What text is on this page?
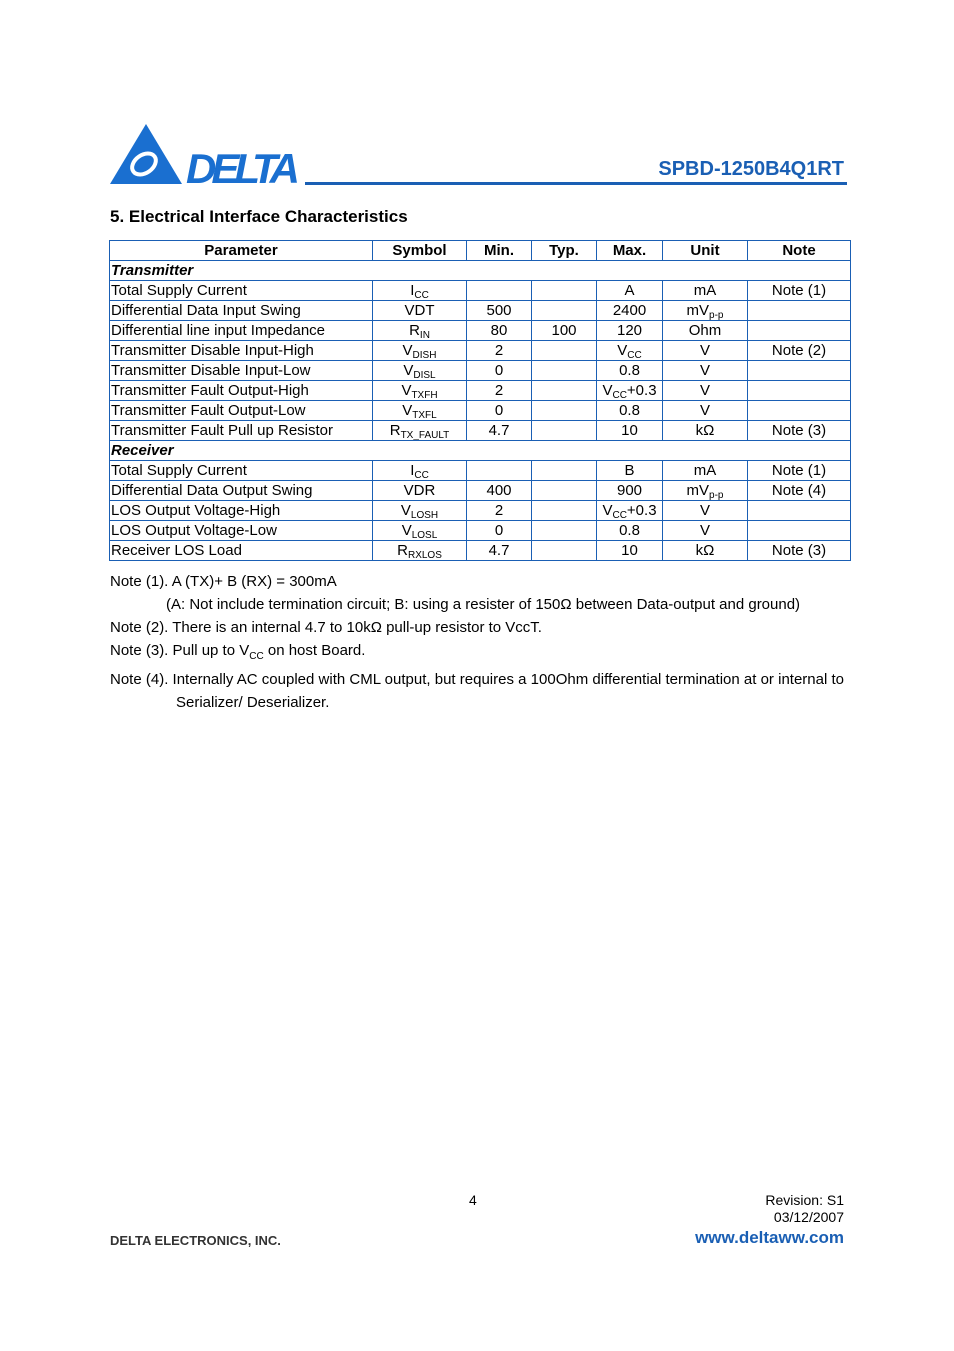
DELTA	SPBD-1250B4Q1RT
5. Electrical Interface Characteristics
Parameter	Symbol	Min.	Typ.	Max.	Unit	Note
Transmitter						
Total Supply Current	$I_{CC}$			A	mA	Note (1)
Differential Data Input Swing	VDT	500		2400	$mV_{p-p}$	
Differential line input Impedance	$R_{IN}$	80	100	120	Ohm	
Transmitter Disable Input-High	$V_{DISH}$	2		$V_{CC}$	V	Note (2)
Transmitter Disable Input-Low	$V_{DISL}$	0		0.8	V	
Transmitter Fault Output-High	$V_{TXFH}$	2		$V_{CC}+0.3$	V	
Transmitter Fault Output-Low	$V_{TXFL}$	0		0.8	V	
Transmitter Fault Pull up Resistor	$R_{TX\_FAULT}$	4.7		10	kΩ	Note (3)
Receiver						
Total Supply Current	$I_{CC}$			B	mA	Note (1)
Differential Data Output Swing	VDR	400		900	$mV_{p-p}$	Note (4)
LOS Output Voltage-High	$V_{LOSH}$	2		$V_{CC}+0.3$	V	
LOS Output Voltage-Low	$V_{LOSL}$	0		0.8	V	
Receiver LOS Load	$R_{RXLOS}$	4.7		10	kΩ	Note (3)

Note (1). A (TX)+ B (RX) = 300mA

(A: Not include termination circuit; B: using a resister of 150Ω between Data-output and ground)

Note (2). There is an internal 4.7 to 10kΩ pull-up resistor to VccT.

Note (3). Pull up to $V_{CC}$ on host Board.

Note (4). Internally AC coupled with CML output, but requires a 100Ohm differential termination at or internal to Serializer/ Deserializer.

4	Revision: S1
03/12/2007
DELTA ELECTRONICS, INC.	www.deltaww.com
